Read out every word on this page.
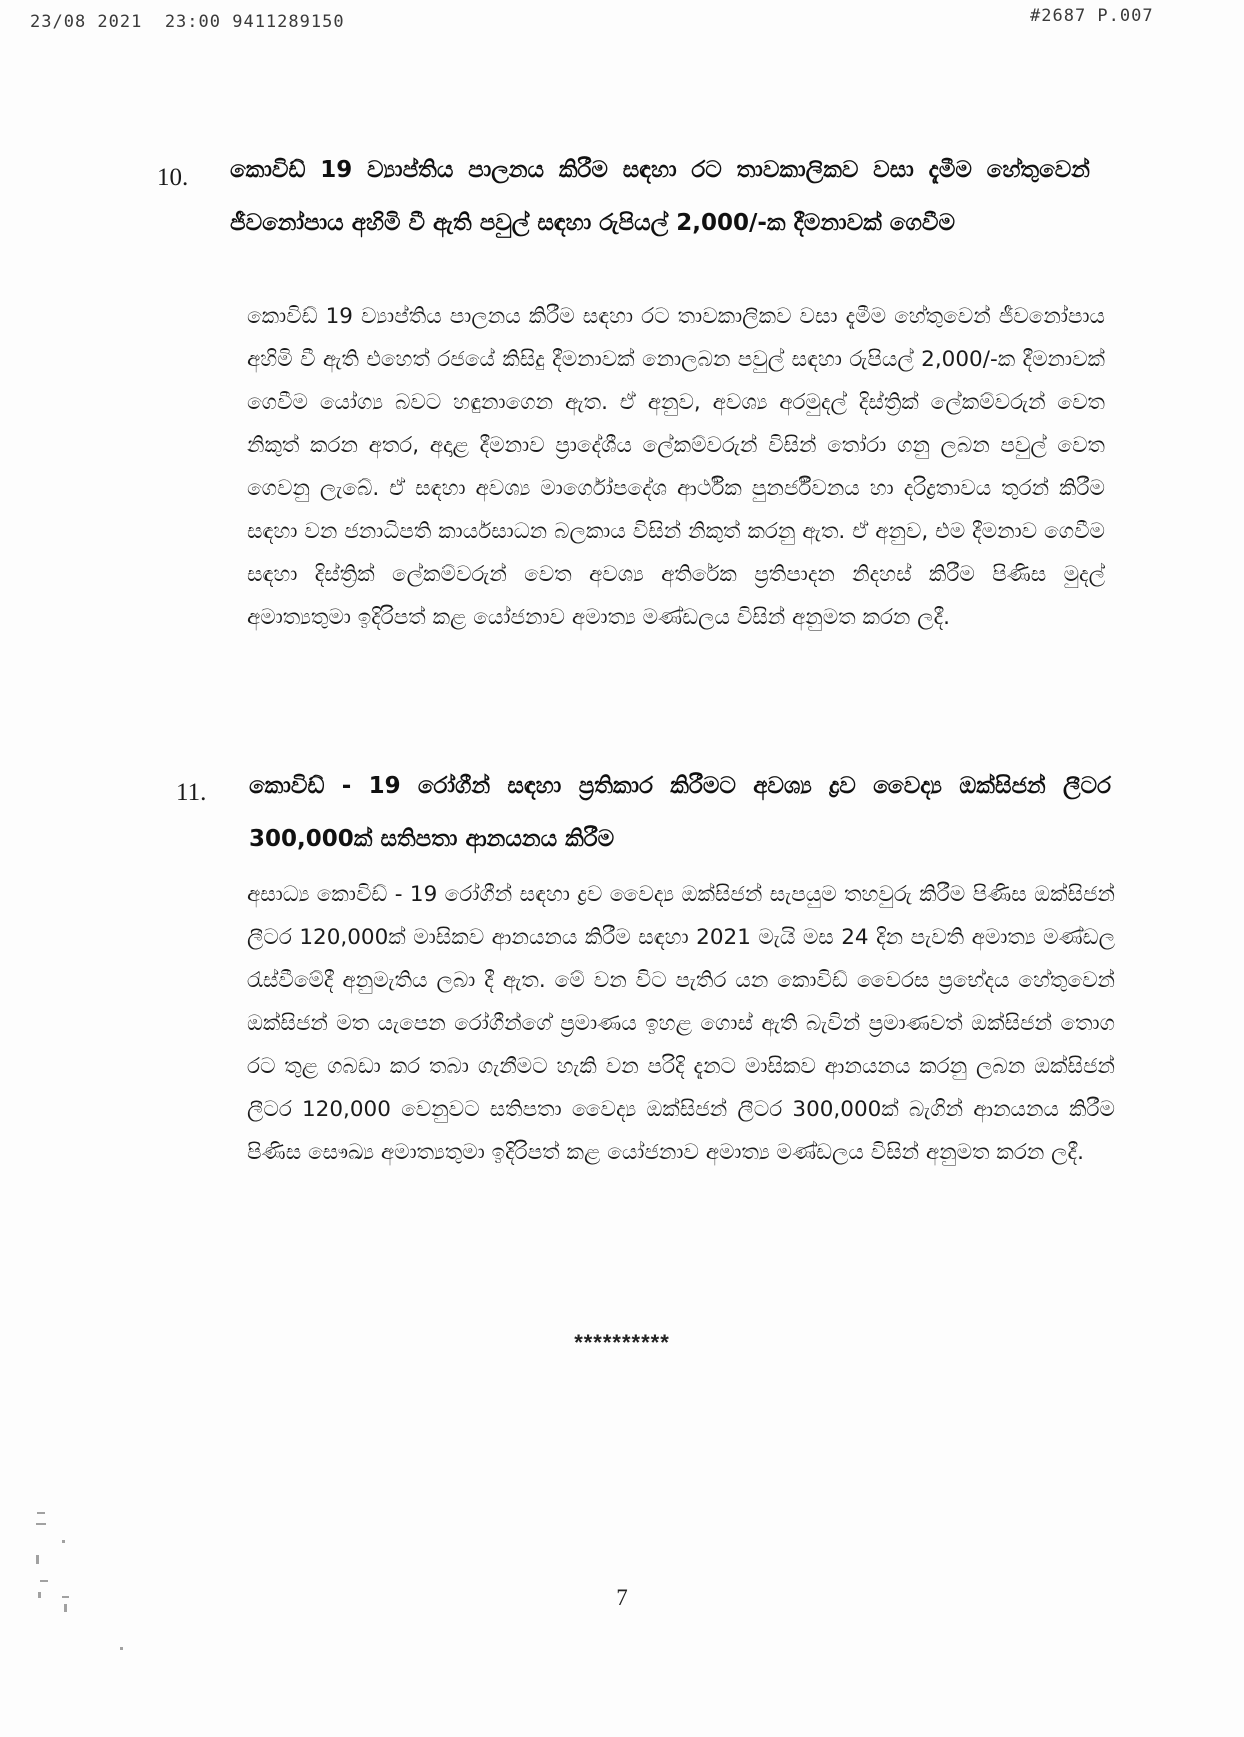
23/08 2021  23:00 9411289150	#2687 P.007
10. කොවිඩ් 19 ව්‍යාප්තිය පාලනය කිරීම සඳහා රට තාවකාලිකව වසා දැමීම හේතුවෙන් ජීවනෝපාය අහිමි වී ඇති පවුල් සඳහා රුපියල් 2,000/-ක දීමනාවක් ගෙවීම
කොවිඩ් 19 ව්‍යාප්තිය පාලනය කිරීම සඳහා රට තාවකාලිකව වසා දැමීම හේතුවෙන් ජීවනෝපාය අහිමි වී ඇති එහෙත් රජයේ කිසිදු දීමනාවක් නොලබන පවුල් සඳහා රුපියල් 2,000/-ක දීමනාවක් ගෙවීම යෝග්‍ය බවට හඳුනාගෙන ඇත. ඒ අනුව, අවශ්‍ය අරමුදල් දිස්ත්‍රික් ලේකම්වරුන් වෙත නිකුත් කරන අතර, අදාළ දීමනාව ප්‍රාදේශීය ලේකම්වරුන් විසින් තෝරා ගනු ලබන පවුල් වෙත ගෙවනු ලැබේ. ඒ සඳහා අවශ්‍ය මාර්ගෝපදේශ ආර්ථික පුනර්ජීවනය හා දරිද්‍රතාවය තුරන් කිරීම සඳහා වන ජනාධිපති කාර්යසාධන බලකාය විසින් නිකුත් කරනු ඇත. ඒ අනුව, එම දීමනාව ගෙවීම සඳහා දිස්ත්‍රික් ලේකම්වරුන් වෙත අවශ්‍ය අතිරේක ප්‍රතිපාදන නිදහස් කිරීම පිණිස මුදල් අමාත්‍යතුමා ඉදිරිපත් කළ යෝජනාව අමාත්‍ය මණ්ඩලය විසින් අනුමත කරන ලදී.
11. කොවිඩ් - 19 රෝගීන් සඳහා ප්‍රතිකාර කිරීමට අවශ්‍ය ද්‍රව වෛද්‍ය ඔක්සිජන් ලීටර 300,000ක් සතිපතා ආනයනය කිරීම
අසාධ්‍ය කොවිඩ් - 19 රෝගීන් සඳහා ද්‍රව වෛද්‍ය ඔක්සිජන් සැපයුම තහවුරු කිරීම පිණිස ඔක්සිජන් ලීටර 120,000ක් මාසිකව ආනයනය කිරීම සඳහා 2021 මැයි මස 24 දින පැවති අමාත්‍ය මණ්ඩල රැස්වීමේදී අනුමැතිය ලබා දී ඇත. මේ වන විට පැතිර යන කොවිඩ් වෛරස ප්‍රභේදය හේතුවෙන් ඔක්සිජන් මත යැපෙන රෝගීන්ගේ ප්‍රමාණය ඉහළ ගොස් ඇති බැවින් ප්‍රමාණවත් ඔක්සිජන් තොග රට තුළ ගබඩා කර තබා ගැනීමට හැකි වන පරිදි දැනට මාසිකව ආනයනය කරනු ලබන ඔක්සිජන් ලීටර 120,000 වෙනුවට සතිපතා වෛද්‍ය ඔක්සිජන් ලීටර 300,000ක් බැගින් ආනයනය කිරීම පිණිස සෞඛ්‍ය අමාත්‍යතුමා ඉදිරිපත් කළ යෝජනාව අමාත්‍ය මණ්ඩලය විසින් අනුමත කරන ලදී.
**********
7
